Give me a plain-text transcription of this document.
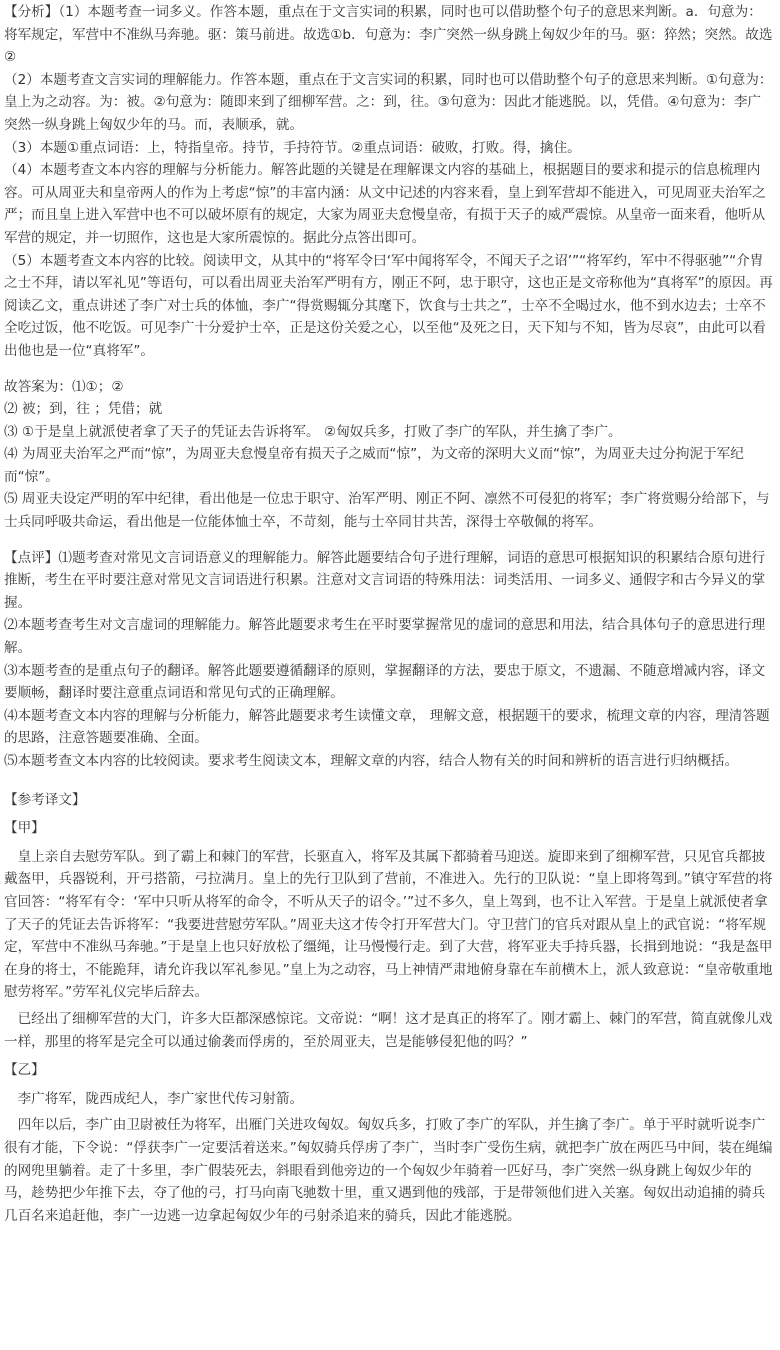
【分析】（1）本题考查一词多义。作答本题，重点在于文言实词的积累，同时也可以借助整个句子的意思来判断。a．句意为：将军规定，军营中不准纵马奔驰。驱：策马前进。故选①b．句意为：李广突然一纵身跳上匈奴少年的马。驱：猝然；突然。故选②

（2）本题考查文言实词的理解能力。作答本题，重点在于文言实词的积累，同时也可以借助整个句子的意思来判断。①句意为：皇上为之动容。为：被。②句意为：随即来到了细柳军营。之：到，往。③句意为：因此才能逃脱。以，凭借。④句意为：李广突然一纵身跳上匈奴少年的马。而，表顺承，就。

（3）本题①重点词语：上，特指皇帝。持节，手持符节。②重点词语：破败，打败。得，擒住。

（4）本题考查文本内容的理解与分析能力。解答此题的关键是在理解课文内容的基础上，根据题目的要求和提示的信息梳理内容。可从周亚夫和皇帝两人的作为上考虑“惊”的丰富内涵：从文中记述的内容来看，皇上到军营却不能进入，可见周亚夫治军之严；而且皇上进入军营中也不可以破坏原有的规定，大家为周亚夫怠慢皇帝，有损于天子的威严震惊。从皇帝一面来看，他听从军营的规定，并一切照作，这也是大家所震惊的。据此分点答出即可。

（5）本题考查文本内容的比较。阅读甲文，从其中的“将军令曰‘军中闻将军令，不闻天子之诏’”“将军约，军中不得驱驰”“介胄之士不拜，请以军礼见”等语句，可以看出周亚夫治军严明有方，刚正不阿，忠于职守，这也正是文帝称他为“真将军”的原因。再阅读乙文，重点讲述了李广对士兵的体恤，李广“得赏赐辄分其麾下，饮食与士共之”，士卒不全喝过水，他不到水边去；士卒不全吃过饭，他不吃饭。可见李广十分爱护士卒，正是这份关爱之心，以至他“及死之日，天下知与不知，皆为尽哀”，由此可以看出他也是一位“真将军”。

故答案为：⑴①；②

⑵ 被；到，往 ；凭借；就

⑶ ①于是皇上就派使者拿了天子的凭证去告诉将军。 ②匈奴兵多，打败了李广的军队，并生擒了李广。

⑷ 为周亚夫治军之严而“惊”，为周亚夫怠慢皇帝有损天子之威而“惊”，为文帝的深明大义而“惊”，为周亚夫过分拘泥于军纪而“惊”。

⑸ 周亚夫设定严明的军中纪律，看出他是一位忠于职守、治军严明、刚正不阿、凛然不可侵犯的将军；李广将赏赐分给部下，与士兵同呼吸共命运，看出他是一位能体恤士卒，不苛刻，能与士卒同甘共苦，深得士卒敬佩的将军。

【点评】⑴题考查对常见文言词语意义的理解能力。解答此题要结合句子进行理解，词语的意思可根据知识的积累结合原句进行推断，考生在平时要注意对常见文言词语进行积累。注意对文言词语的特殊用法：词类活用、一词多义、通假字和古今异义的掌握。

⑵本题考查考生对文言虚词的理解能力。解答此题要求考生在平时要掌握常见的虚词的意思和用法，结合具体句子的意思进行理解。

⑶本题考查的是重点句子的翻译。解答此题要遵循翻译的原则，掌握翻译的方法，要忠于原文，不遗漏、不随意增减内容，译文要顺畅，翻译时要注意重点词语和常见句式的正确理解。

⑷本题考查文本内容的理解与分析能力，解答此题要求考生读懂文章， 理解文意，根据题干的要求，梳理文章的内容，理清答题的思路，注意答题要准确、全面。

⑸本题考查文本内容的比较阅读。要求考生阅读文本，理解文章的内容，结合人物有关的时间和辨析的语言进行归纳概括。

【参考译文】

【甲】

皇上亲自去慰劳军队。到了霸上和棘门的军营，长驱直入，将军及其属下都骑着马迎送。旋即来到了细柳军营，只见官兵都披戴盔甲，兵器锐利，开弓搭箭，弓拉满月。皇上的先行卫队到了营前，不准进入。先行的卫队说：“皇上即将驾到。”镇守军营的将官回答：“将军有令：‘军中只听从将军的命令，不听从天子的诏令。’”过不多久，皇上驾到，也不让入军营。于是皇上就派使者拿了天子的凭证去告诉将军：“我要进营慰劳军队。”周亚夫这才传令打开军营大门。守卫营门的官兵对跟从皇上的武官说：“将军规定，军营中不准纵马奔驰。”于是皇上也只好放松了缰绳，让马慢慢行走。到了大营，将军亚夫手持兵器，长揖到地说：“我是盔甲在身的将士，不能跪拜，请允许我以军礼参见。”皇上为之动容，马上神情严肃地俯身靠在车前横木上，派人致意说：“皇帝敬重地慰劳将军。”劳军礼仪完毕后辞去。

已经出了细柳军营的大门，许多大臣都深感惊诧。文帝说：“啊！这才是真正的将军了。刚才霸上、棘门的军营，简直就像儿戏一样，那里的将军是完全可以通过偷袭而俘虏的，至於周亚夫，岂是能够侵犯他的吗？”

【乙】

李广将军，陇西成纪人，李广家世代传习射箭。

四年以后，李广由卫尉被任为将军，出雁门关进攻匈奴。匈奴兵多，打败了李广的军队，并生擒了李广。单于平时就听说李广很有才能，下令说：“俘获李广一定要活着送来。”匈奴骑兵俘虏了李广，当时李广受伤生病，就把李广放在两匹马中间，装在绳编的网兜里躺着。走了十多里，李广假装死去，斜眼看到他旁边的一个匈奴少年骑着一匹好马，李广突然一纵身跳上匈奴少年的马，趁势把少年推下去，夺了他的弓，打马向南飞驰数十里，重又遇到他的残部，于是带领他们进入关塞。匈奴出动追捕的骑兵几百名来追赶他，李广一边逃一边拿起匈奴少年的弓射杀追来的骑兵，因此才能逃脱。
